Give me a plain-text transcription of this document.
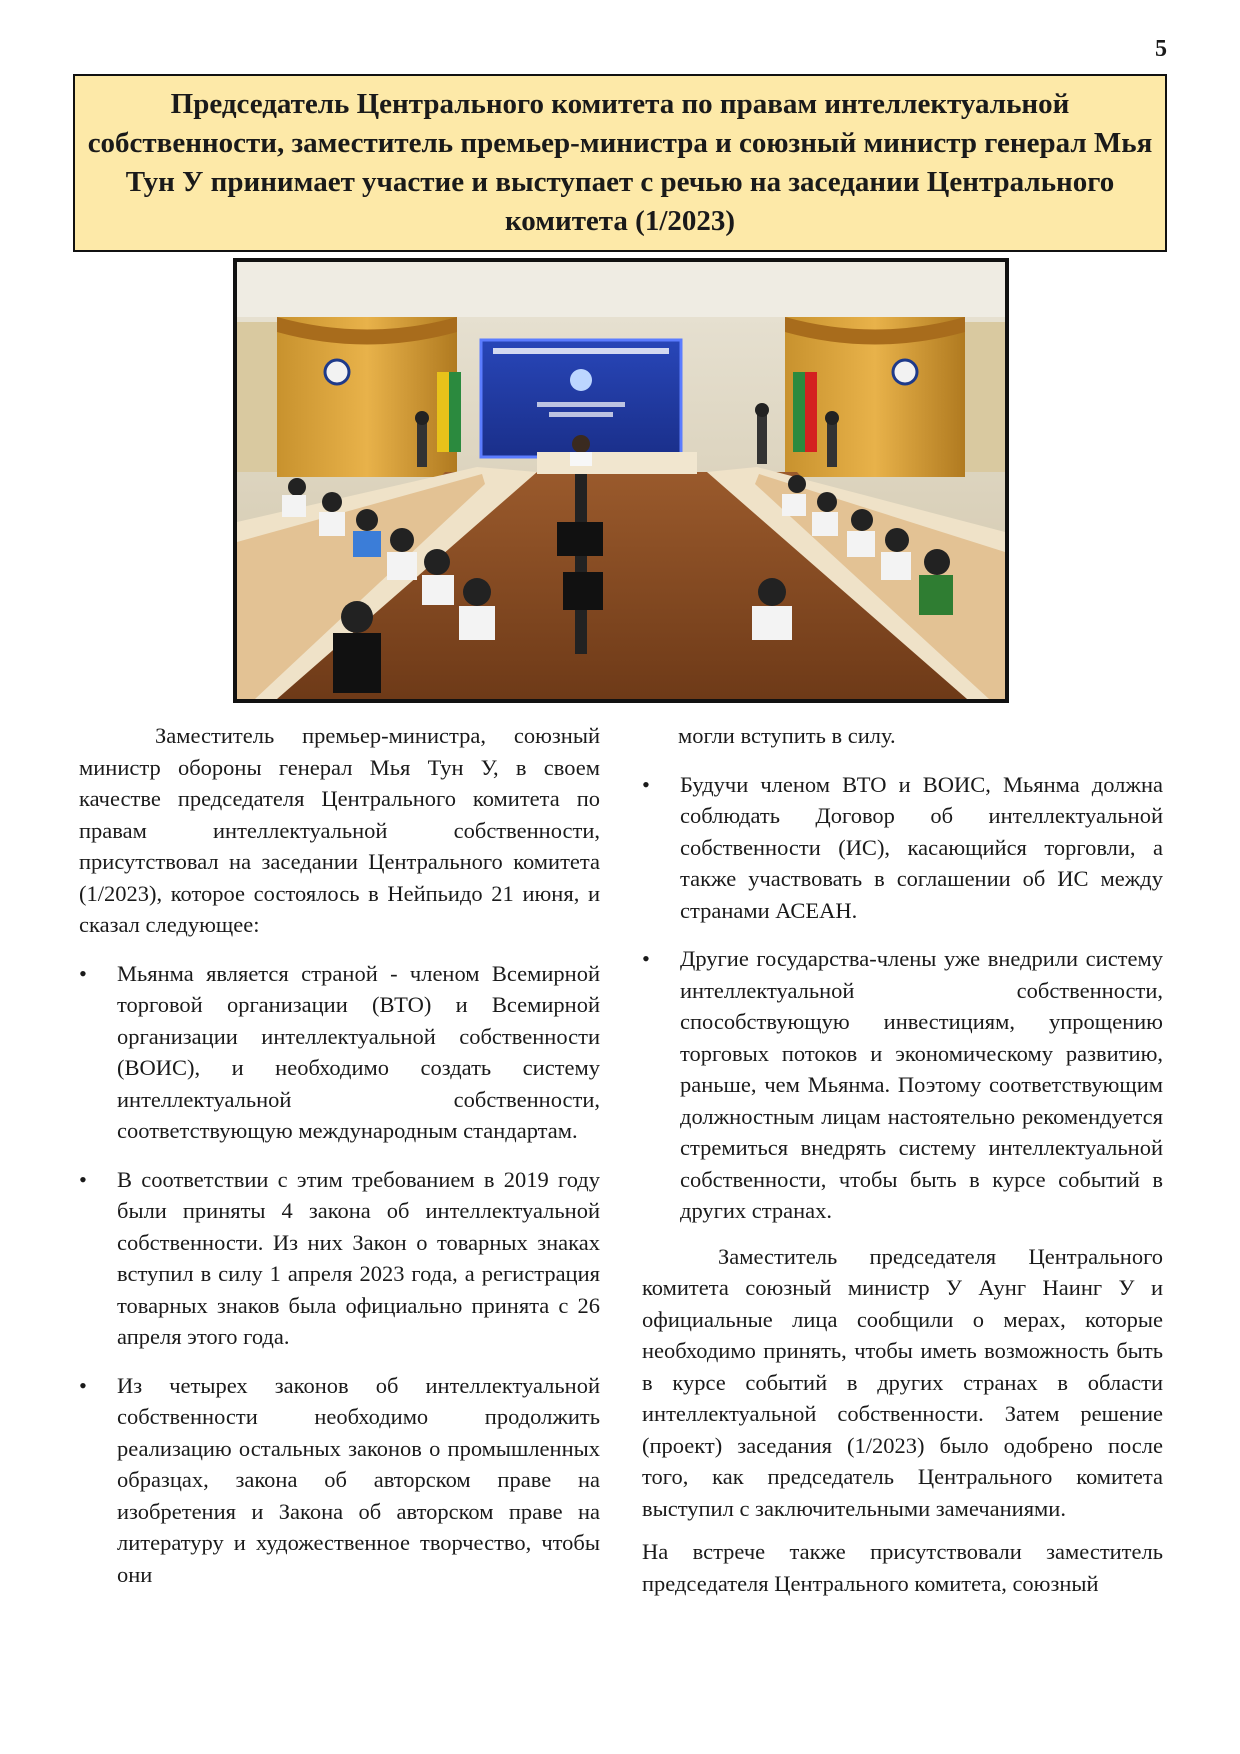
5
Председатель Центрального комитета по правам интеллектуальной собственности, заместитель премьер-министра и союзный министр генерал Мья Тун У принимает участие и выступает с речью на заседании Центрального комитета (1/2023)

Заместитель премьер-министра, союзный министр обороны генерал Мья Тун У, в своем качестве председателя Центрального комитета по правам интеллектуальной собственности, присутствовал на заседании Центрального комитета (1/2023), которое состоялось в Нейпьидо 21 июня, и сказал следующее:

• Мьянма является страной - членом Всемирной торговой организации (ВТО) и Всемирной организации интеллектуальной собственности (ВОИС), и необходимо создать систему интеллектуальной собственности, соответствующую международным стандартам.
• В соответствии с этим требованием в 2019 году были приняты 4 закона об интеллектуальной собственности. Из них Закон о товарных знаках вступил в силу 1 апреля 2023 года, а регистрация товарных знаков была официально принята с 26 апреля этого года.
• Из четырех законов об интеллектуальной собственности необходимо продолжить реализацию остальных законов о промышленных образцах, закона об авторском праве на изобретения и Закона об авторском праве на литературу и художественное творчество, чтобы они

могли вступить в силу.

• Будучи членом ВТО и ВОИС, Мьянма должна соблюдать Договор об интеллектуальной собственности (ИС), касающийся торговли, а также участвовать в соглашении об ИС между странами АСЕАН.
• Другие государства-члены уже внедрили систему интеллектуальной собственности, способствующую инвестициям, упрощению торговых потоков и экономическому развитию, раньше, чем Мьянма. Поэтому соответствующим должностным лицам настоятельно рекомендуется стремиться внедрять систему интеллектуальной собственности, чтобы быть в курсе событий в других странах.

Заместитель председателя Центрального комитета союзный министр У Аунг Наинг У и официальные лица сообщили о мерах, которые необходимо принять, чтобы иметь возможность быть в курсе событий в других странах в области интеллектуальной собственности. Затем решение (проект) заседания (1/2023) было одобрено после того, как председатель Центрального комитета выступил с заключительными замечаниями.

На встрече также присутствовали заместитель председателя Центрального комитета, союзный
